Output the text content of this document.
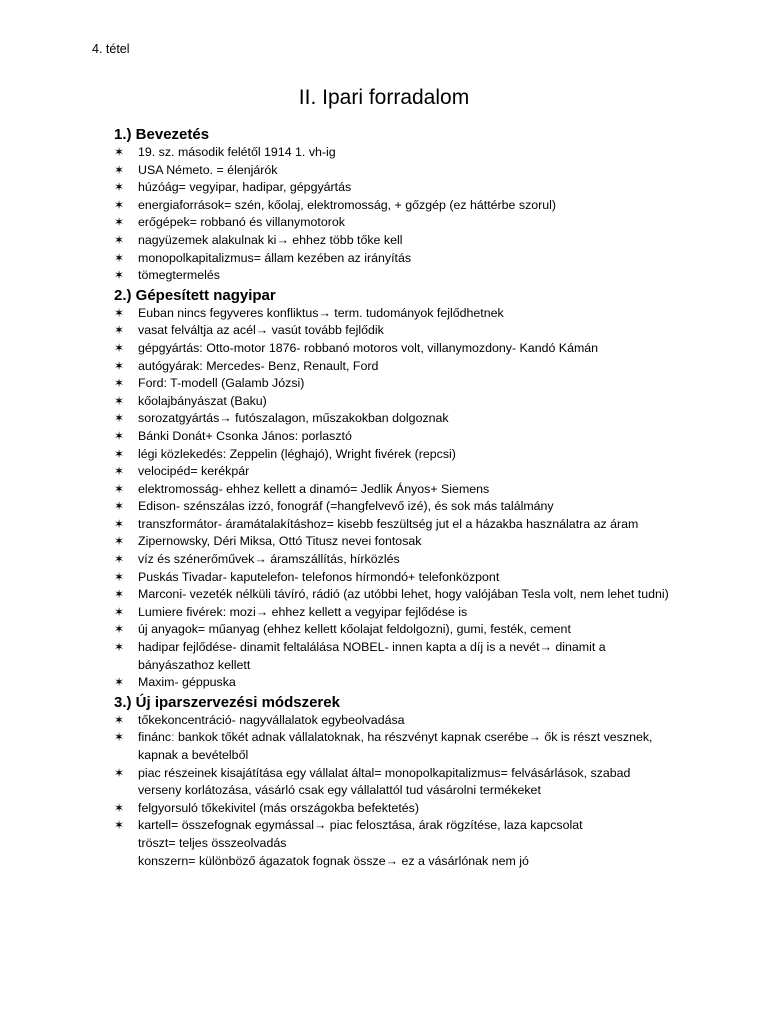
4. tétel
II. Ipari forradalom
1.) Bevezetés
✶ 19. sz. második felétől 1914 1. vh-ig
✶ USA Németo. = élenjárók
✶ húzóág= vegyipar, hadipar, gépgyártás
✶ energiaforrások= szén, kőolaj, elektromosság, + gőzgép (ez háttérbe szorul)
✶ erőgépek= robbanó és villanymotorok
✶ nagyüzemek alakulnak ki→ ehhez több tőke kell
✶ monopolkapitalizmus= állam kezében az irányítás
✶ tömegtermelés
2.) Gépesített nagyipar
✶ Euban nincs fegyveres konfliktus→ term. tudományok fejlődhetnek
✶ vasat felváltja az acél→ vasút tovább fejlődik
✶ gépgyártás: Otto-motor 1876- robbanó motoros volt, villanymozdony- Kandó Kámán
✶ autógyárak: Mercedes- Benz, Renault, Ford
✶ Ford: T-modell (Galamb Józsi)
✶ kőolajbányászat (Baku)
✶ sorozatgyártás→ futószalagon, műszakokban dolgoznak
✶ Bánki Donát+ Csonka János: porlasztó
✶ légi közlekedés: Zeppelin (léghajó), Wright fivérek (repcsi)
✶ velocipéd= kerékpár
✶ elektromosság- ehhez kellett a dinamó= Jedlik Ányos+ Siemens
✶ Edison- szénszálas izzó, fonográf (=hangfelvevő izé), és sok más találmány
✶ transzformátor- áramátalakításhoz= kisebb feszültség jut el a házakba használatra az áram
✶ Zipernowsky, Déri Miksa, Ottó Titusz nevei fontosak
✶ víz és szénerőművek→ áramszállítás, hírközlés
✶ Puskás Tivadar- kaputelefon- telefonos hírmondó+ telefonközpont
✶ Marconi- vezeték nélküli távíró, rádió (az utóbbi lehet, hogy valójában Tesla volt, nem lehet tudni)
✶ Lumiere fivérek: mozi→ ehhez kellett a vegyipar fejlődése is
✶ új anyagok= műanyag (ehhez kellett kőolajat feldolgozni), gumi, festék, cement
✶ hadipar fejlődése- dinamit feltalálása NOBEL- innen kapta a díj is a nevét→ dinamit a bányászathoz kellett
✶ Maxim- géppuska
3.) Új iparszervezési módszerek
✶ tőkekoncentráció- nagyvállalatok egybeolvadása
✶ fináncː bankok tőkét adnak vállalatoknak, ha részvényt kapnak cserébe→ ők is részt vesznek, kapnak a bevételből
✶ piac részeinek kisajátítása egy vállalat által= monopolkapitalizmus= felvásárlások, szabad verseny korlátozása, vásárló csak egy vállalattól tud vásárolni termékeket
✶ felgyorsuló tőkekivitel (más országokba befektetés)
✶ kartell= összefognak egymással→ piac felosztása, árak rögzítése, laza kapcsolat
tröszt= teljes összeolvadás
konszern= különböző ágazatok fognak össze→ ez a vásárlónak nem jó
